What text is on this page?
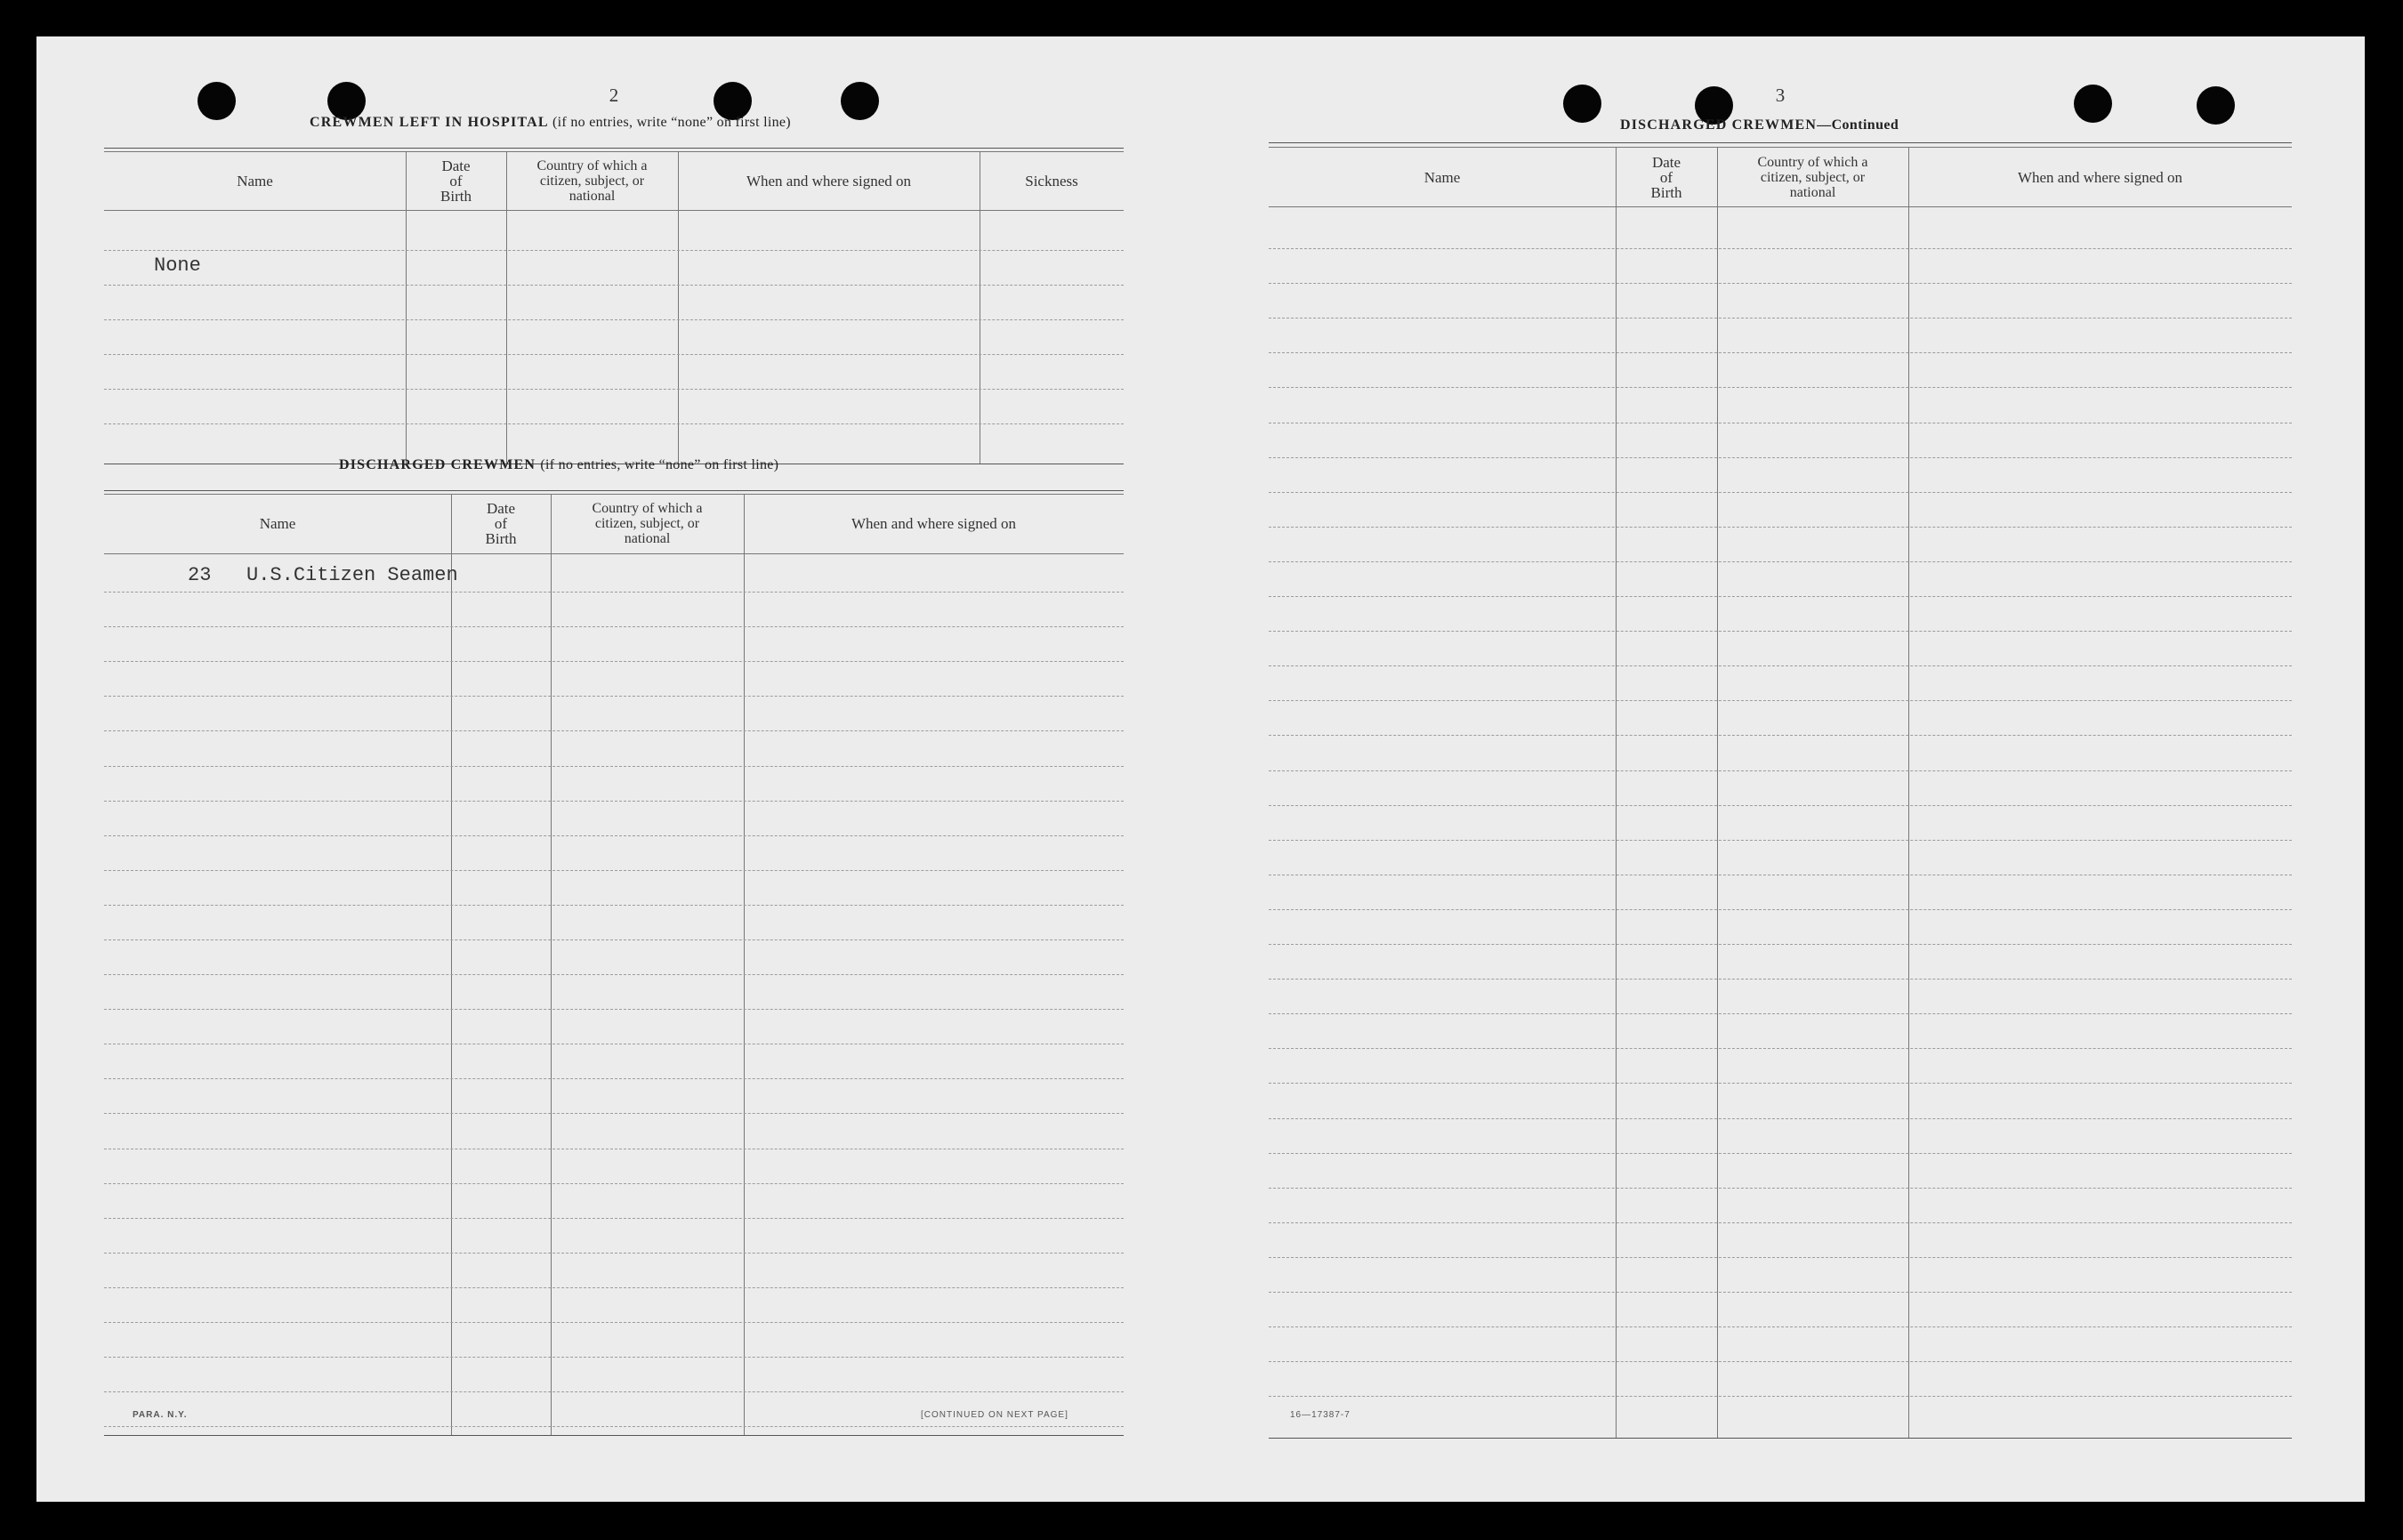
2
CREWMEN LEFT IN HOSPITAL (if no entries, write “none” on first line)
Name
Date
of
Birth
Country of which a
citizen, subject, or
national
When and where signed on	Sickness
None
DISCHARGED CREWMEN (if no entries, write “none” on first line)
Name
Date
of
Birth
Country of which a
citizen, subject, or
national
When and where signed on
23   U.S.Citizen Seamen
PARA. N.Y.	[CONTINUED ON NEXT PAGE]
3
DISCHARGED CREWMEN—Continued
Name
Date
of
Birth
Country of which a
citizen, subject, or
national
When and where signed on
16—17387-7
